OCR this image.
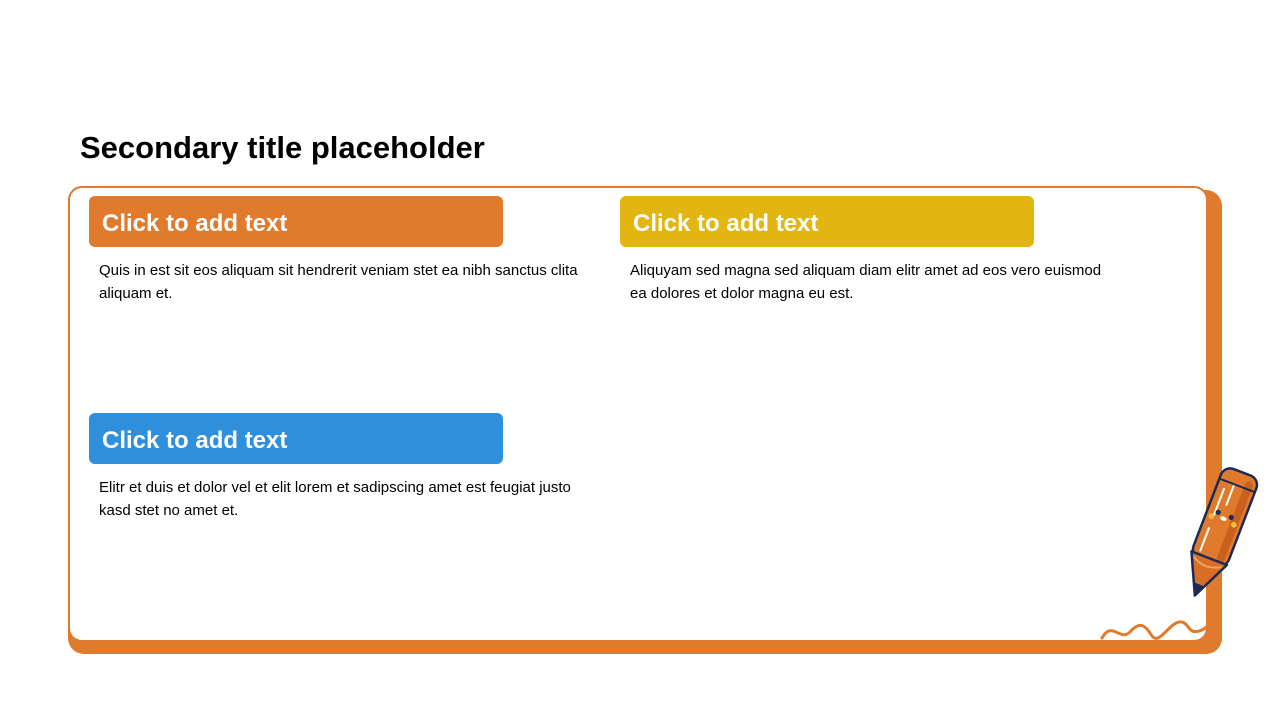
Secondary title placeholder
Click to add text
Quis in est sit eos aliquam sit hendrerit veniam stet ea nibh sanctus clita aliquam et.
Click to add text
Aliquyam sed magna sed aliquam diam elitr amet ad eos vero euismod ea dolores et dolor magna eu est.
Click to add text
Elitr et duis et dolor vel et elit lorem et sadipscing amet est feugiat justo kasd stet no amet et.
